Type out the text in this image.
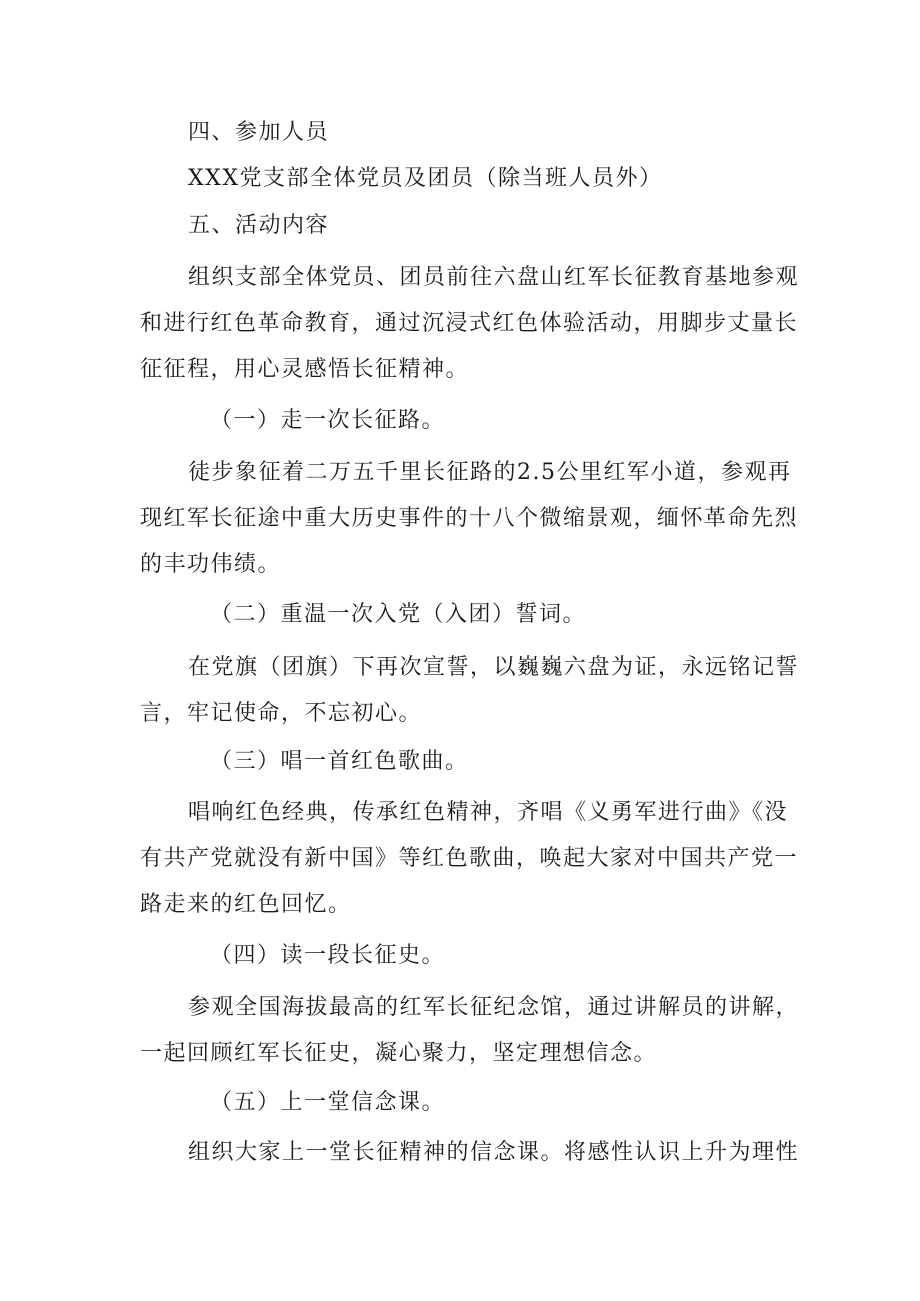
四、参加人员
XXX党支部全体党员及团员（除当班人员外）
五、活动内容
组织支部全体党员、团员前往六盘山红军长征教育基地参观
和进行红色革命教育，通过沉浸式红色体验活动，用脚步丈量长
征征程，用心灵感悟长征精神。
（一）走一次长征路。
徒步象征着二万五千里长征路的2.5公里红军小道，参观再
现红军长征途中重大历史事件的十八个微缩景观，缅怀革命先烈
的丰功伟绩。
（二）重温一次入党（入团）誓词。
在党旗（团旗）下再次宣誓，以巍巍六盘为证，永远铭记誓
言，牢记使命，不忘初心。
（三）唱一首红色歌曲。
唱响红色经典，传承红色精神，齐唱《义勇军进行曲》《没
有共产党就没有新中国》等红色歌曲，唤起大家对中国共产党一
路走来的红色回忆。
（四）读一段长征史。
参观全国海拔最高的红军长征纪念馆，通过讲解员的讲解，
一起回顾红军长征史，凝心聚力，坚定理想信念。
（五）上一堂信念课。
组织大家上一堂长征精神的信念课。将感性认识上升为理性
